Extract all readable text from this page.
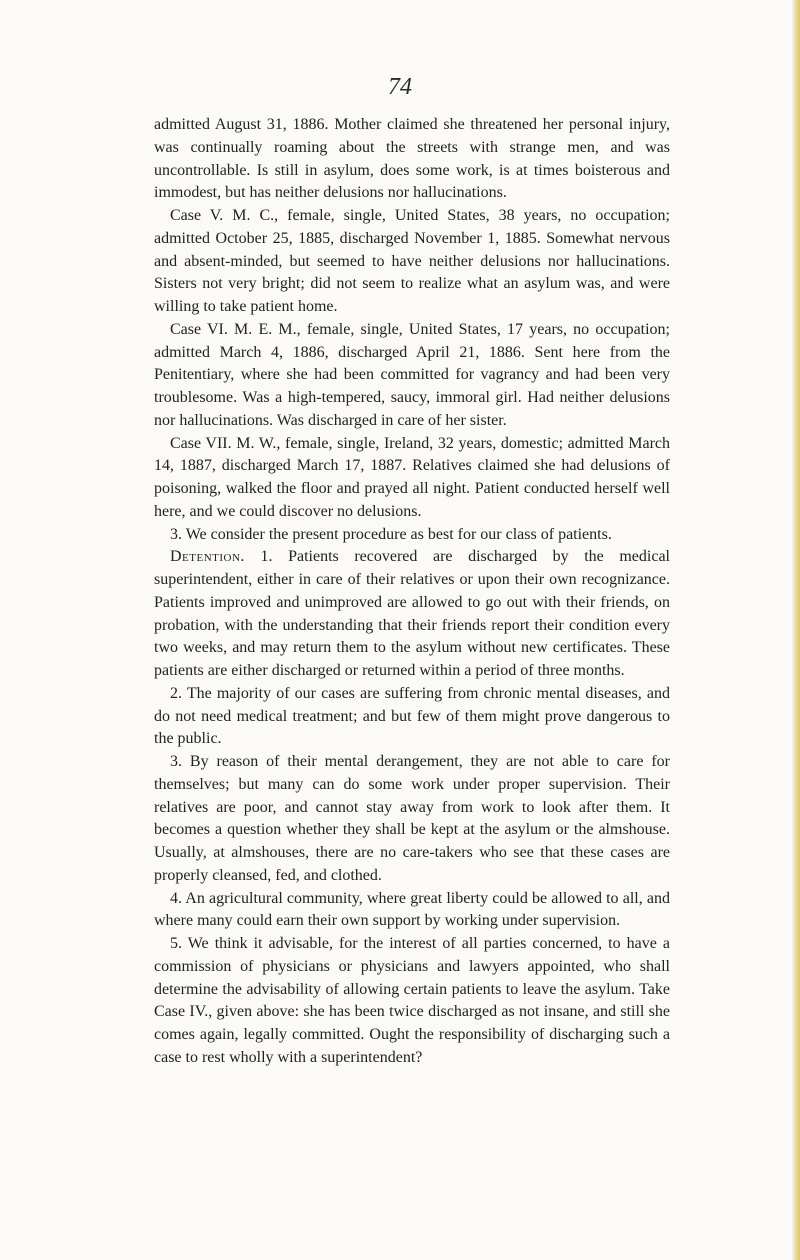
74

admitted August 31, 1886. Mother claimed she threatened her personal injury, was continually roaming about the streets with strange men, and was uncontrollable. Is still in asylum, does some work, is at times boisterous and immodest, but has neither delusions nor hallucinations.

Case V. M. C., female, single, United States, 38 years, no occupation; admitted October 25, 1885, discharged November 1, 1885. Somewhat nervous and absent-minded, but seemed to have neither delusions nor hallucinations. Sisters not very bright; did not seem to realize what an asylum was, and were willing to take patient home.

Case VI. M. E. M., female, single, United States, 17 years, no occupation; admitted March 4, 1886, discharged April 21, 1886. Sent here from the Penitentiary, where she had been committed for vagrancy and had been very troublesome. Was a high-tempered, saucy, immoral girl. Had neither delusions nor hallucinations. Was discharged in care of her sister.

Case VII. M. W., female, single, Ireland, 32 years, domestic; admitted March 14, 1887, discharged March 17, 1887. Relatives claimed she had delusions of poisoning, walked the floor and prayed all night. Patient conducted herself well here, and we could discover no delusions.

3. We consider the present procedure as best for our class of patients.

Detention. 1. Patients recovered are discharged by the medical superintendent, either in care of their relatives or upon their own recognizance. Patients improved and unimproved are allowed to go out with their friends, on probation, with the understanding that their friends report their condition every two weeks, and may return them to the asylum without new certificates. These patients are either discharged or returned within a period of three months.

2. The majority of our cases are suffering from chronic mental diseases, and do not need medical treatment; and but few of them might prove dangerous to the public.

3. By reason of their mental derangement, they are not able to care for themselves; but many can do some work under proper supervision. Their relatives are poor, and cannot stay away from work to look after them. It becomes a question whether they shall be kept at the asylum or the almshouse. Usually, at almshouses, there are no care-takers who see that these cases are properly cleansed, fed, and clothed.

4. An agricultural community, where great liberty could be allowed to all, and where many could earn their own support by working under supervision.

5. We think it advisable, for the interest of all parties concerned, to have a commission of physicians or physicians and lawyers appointed, who shall determine the advisability of allowing certain patients to leave the asylum. Take Case IV., given above: she has been twice discharged as not insane, and still she comes again, legally committed. Ought the responsibility of discharging such a case to rest wholly with a superintendent?
